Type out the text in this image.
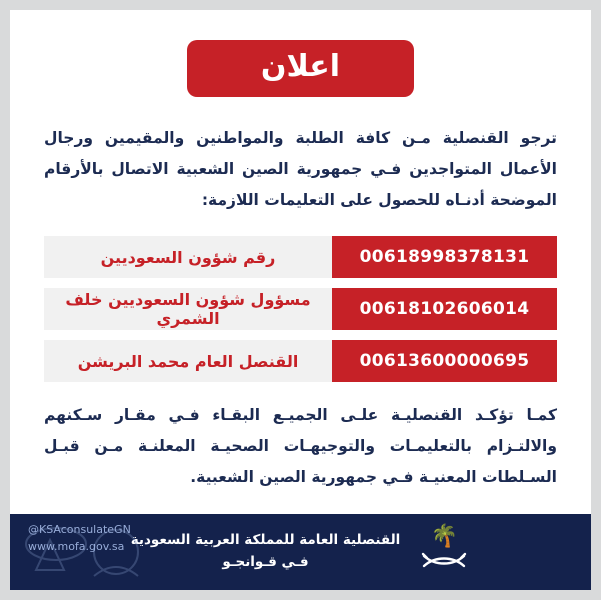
اعلان

ترجو القنصلية مـن كافة الطلبة والمواطنين والمقيمين ورجال الأعمال المتواجدين فـي جمهورية الصين الشعبية الاتصال بالأرقام الموضحة أدنـاه للحصول على التعليمات اللازمة:

00618998378131
رقم شؤون السعوديين
00618102606014
مسؤول شؤون السعوديين خلف الشمري
00613600000695
القنصل العام محمد البريشن

كمـا تؤكـد القنصليـة علـى الجميـع البقـاء فـي مقـار سـكنهم والالتـزام بالتعليمـات والتوجيهـات الصحيـة المعلنـة مـن قبـل السـلطات المعنيـة فـي جمهورية الصين الشعبية.

@KSAconsulateGN
www.mofa.gov.sa	🌴
القنصلية العامة للمملكة العربية السعودية
فـي قـوانجـو
